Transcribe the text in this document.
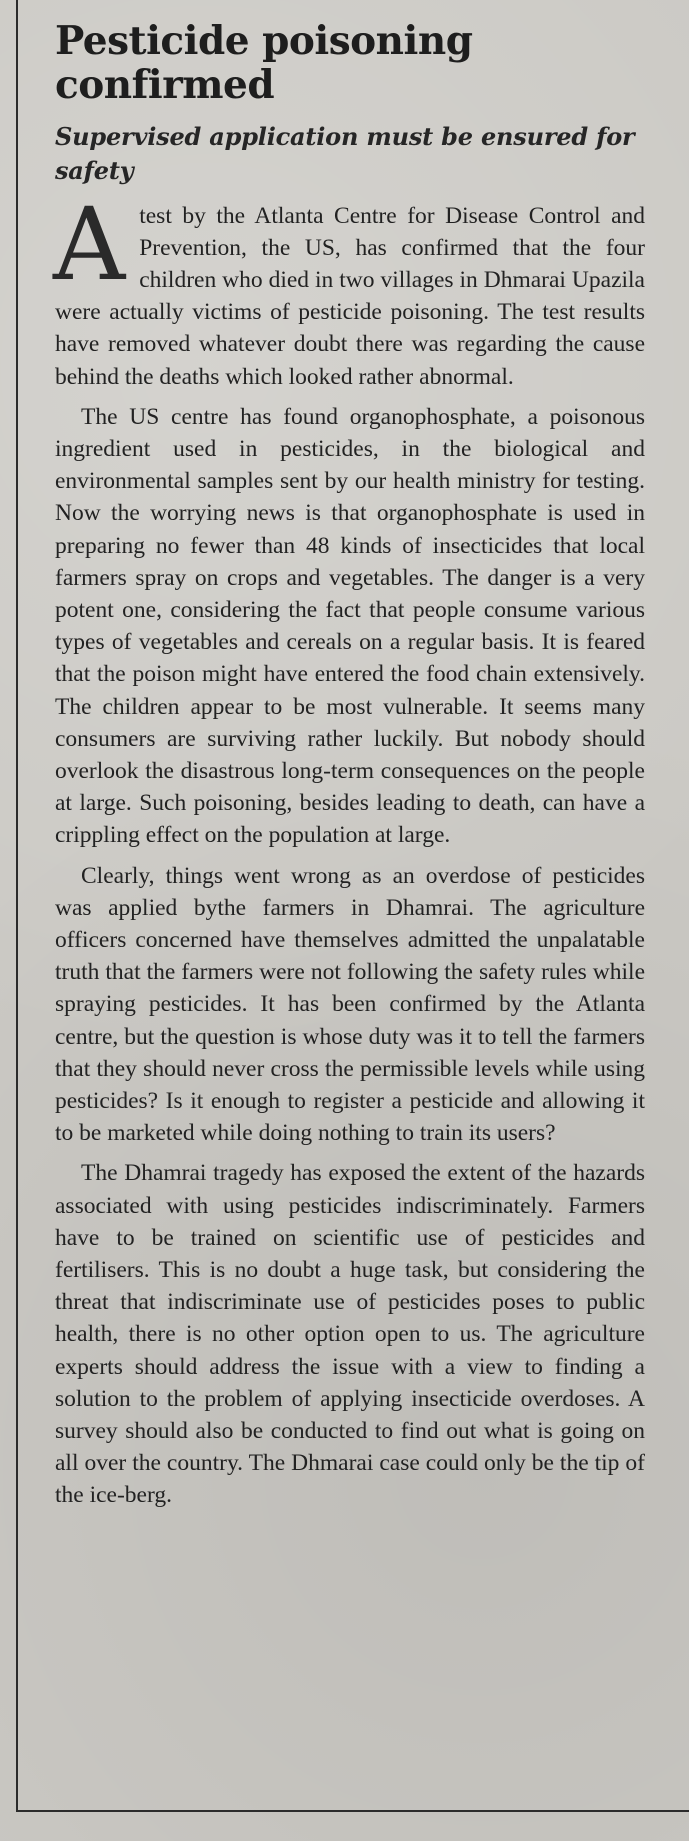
Pesticide poisoning confirmed
Supervised application must be ensured for safety

A test by the Atlanta Centre for Disease Control and Prevention, the US, has confirmed that the four children who died in two villages in Dhmarai Upazila were actually victims of pesticide poisoning. The test results have removed whatever doubt there was regarding the cause behind the deaths which looked rather abnormal.

The US centre has found organophosphate, a poisonous ingredient used in pesticides, in the biological and environmental samples sent by our health ministry for testing. Now the worrying news is that organophosphate is used in preparing no fewer than 48 kinds of insecticides that local farmers spray on crops and vegetables. The danger is a very potent one, considering the fact that people consume various types of vegetables and cereals on a regular basis. It is feared that the poison might have entered the food chain extensively. The children appear to be most vulnerable. It seems many consumers are surviving rather luckily. But nobody should overlook the disastrous long-term consequences on the people at large. Such poisoning, besides leading to death, can have a crippling effect on the population at large.

Clearly, things went wrong as an overdose of pesticides was applied bythe farmers in Dhamrai. The agriculture officers concerned have themselves admitted the unpalatable truth that the farmers were not following the safety rules while spraying pesticides. It has been confirmed by the Atlanta centre, but the question is whose duty was it to tell the farmers that they should never cross the permissible levels while using pesticides? Is it enough to register a pesticide and allowing it to be marketed while doing nothing to train its users?

The Dhamrai tragedy has exposed the extent of the hazards associated with using pesticides indiscriminately. Farmers have to be trained on scientific use of pesticides and fertilisers. This is no doubt a huge task, but considering the threat that indiscriminate use of pesticides poses to public health, there is no other option open to us. The agriculture experts should address the issue with a view to finding a solution to the problem of applying insecticide overdoses. A survey should also be conducted to find out what is going on all over the country. The Dhmarai case could only be the tip of the ice-berg.
